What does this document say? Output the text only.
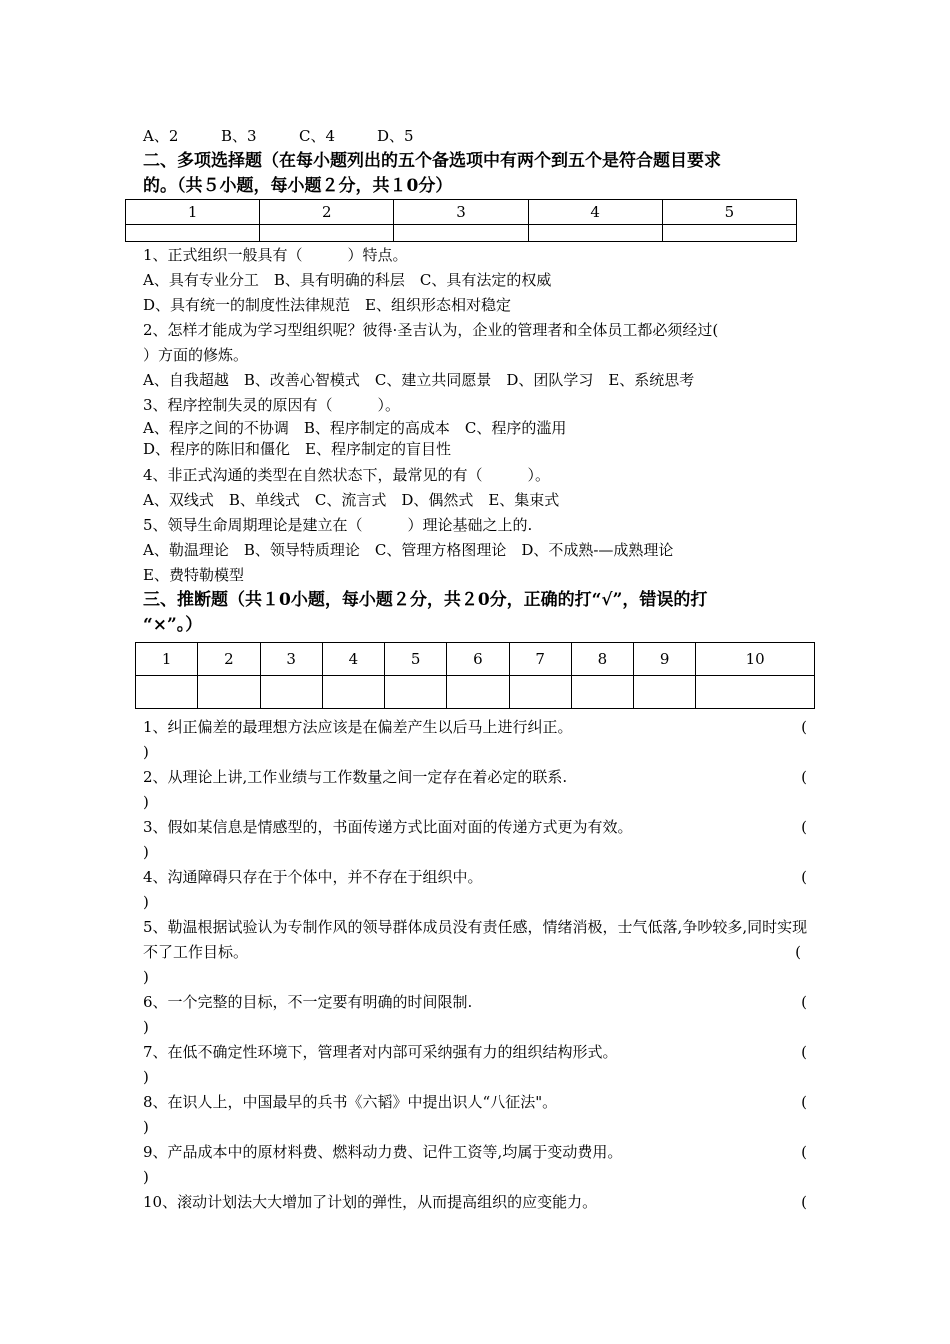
A、2	B、3	C、4	D、5
二、多项选择题（在每小题列出的五个备选项中有两个到五个是符合题目要求
的。（共５小题，每小题２分，共１0分）
1	2	3	4	5

1、正式组织一般具有（　　　）特点。
A、具有专业分工　B、具有明确的科层　C、具有法定的权威
D、具有统一的制度性法律规范　E、组织形态相对稳定
2、怎样才能成为学习型组织呢？彼得·圣吉认为，企业的管理者和全体员工都必须经过(
）方面的修炼。
A、自我超越　B、改善心智模式　C、建立共同愿景　D、团队学习　E、系统思考
3、程序控制失灵的原因有（　　　）。
A、程序之间的不协调　B、程序制定的高成本　C、程序的滥用
D、程序的陈旧和僵化　E、程序制定的盲目性
4、非正式沟通的类型在自然状态下，最常见的有（　　　）。
A、双线式　B、单线式　C、流言式　D、偶然式　E、集束式
5、领导生命周期理论是建立在（　　　）理论基础之上的.
A、勒温理论　B、领导特质理论　C、管理方格图理论　D、不成熟-—成熟理论
E、费特勒模型
三、推断题（共１0小题，每小题２分，共２0分，正确的打“√”，错误的打
“×”。）
1	2	3	4	5	6	7	8	9	10

1、纠正偏差的最理想方法应该是在偏差产生以后马上进行纠正。	(
)
2、从理论上讲,工作业绩与工作数量之间一定存在着必定的联系.	(
)
3、假如某信息是情感型的，书面传递方式比面对面的传递方式更为有效。	(
)
4、沟通障碍只存在于个体中，并不存在于组织中。	(
)
5、勒温根据试验认为专制作风的领导群体成员没有责任感，情绪消极，士气低落,争吵较多,同时实现不了工作目标。	(
)
6、一个完整的目标，不一定要有明确的时间限制.	(
)
7、在低不确定性环境下，管理者对内部可采纳强有力的组织结构形式。	(
)
8、在识人上，中国最早的兵书《六韬》中提出识人“八征法"。	(
)
9、产品成本中的原材料费、燃料动力费、记件工资等,均属于变动费用。	(
)
10、滚动计划法大大增加了计划的弹性，从而提高组织的应变能力。	(
